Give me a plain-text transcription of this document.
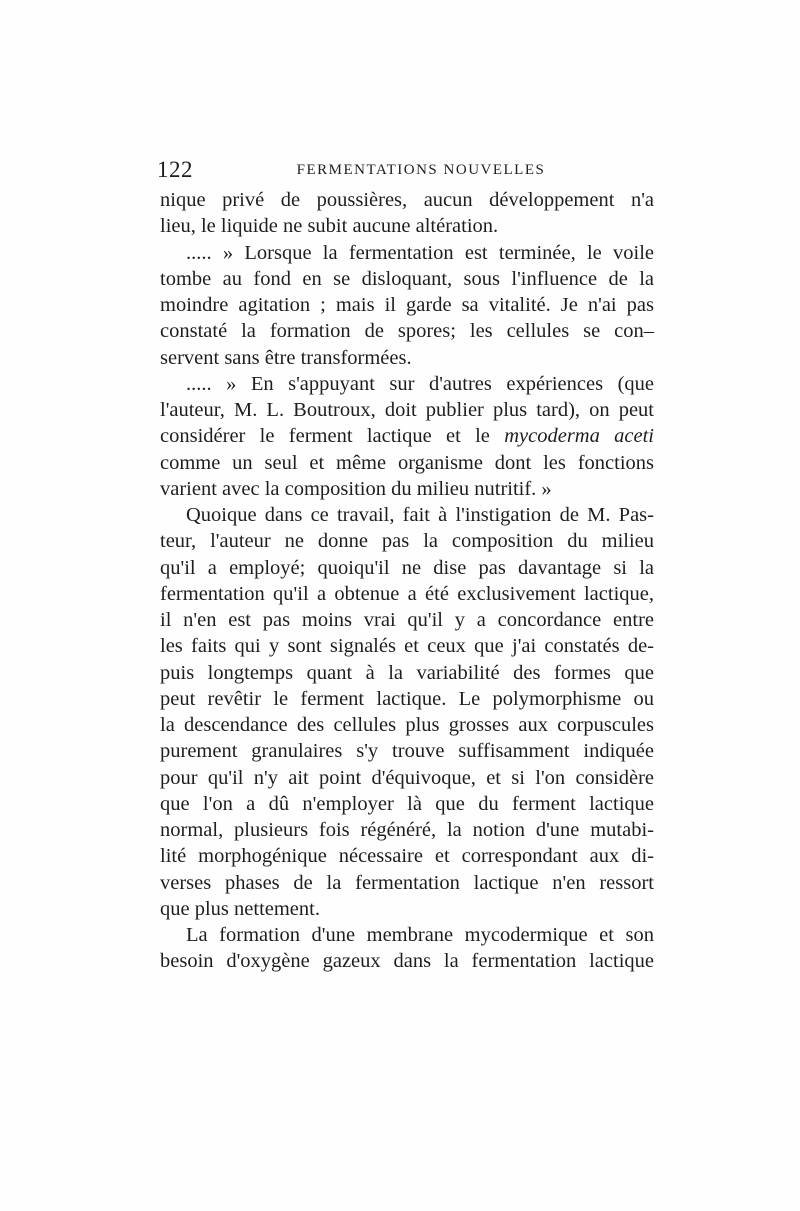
122	FERMENTATIONS NOUVELLES
nique privé de poussières, aucun développement n'a
lieu, le liquide ne subit aucune altération.
..... » Lorsque la fermentation est terminée, le voile
tombe au fond en se disloquant, sous l'influence de la
moindre agitation ; mais il garde sa vitalité. Je n'ai pas
constaté la formation de spores; les cellules se con–
servent sans être transformées.
..... » En s'appuyant sur d'autres expériences (que
l'auteur, M. L. Boutroux, doit publier plus tard), on peut
considérer le ferment lactique et le mycoderma aceti
comme un seul et même organisme dont les fonctions
varient avec la composition du milieu nutritif. »
Quoique dans ce travail, fait à l'instigation de M. Pas-
teur, l'auteur ne donne pas la composition du milieu
qu'il a employé; quoiqu'il ne dise pas davantage si la
fermentation qu'il a obtenue a été exclusivement lactique,
il n'en est pas moins vrai qu'il y a concordance entre
les faits qui y sont signalés et ceux que j'ai constatés de-
puis longtemps quant à la variabilité des formes que
peut revêtir le ferment lactique. Le polymorphisme ou
la descendance des cellules plus grosses aux corpuscules
purement granulaires s'y trouve suffisamment indiquée
pour qu'il n'y ait point d'équivoque, et si l'on considère
que l'on a dû n'employer là que du ferment lactique
normal, plusieurs fois régénéré, la notion d'une mutabi-
lité morphogénique nécessaire et correspondant aux di-
verses phases de la fermentation lactique n'en ressort
que plus nettement.
La formation d'une membrane mycodermique et son
besoin d'oxygène gazeux dans la fermentation lactique
